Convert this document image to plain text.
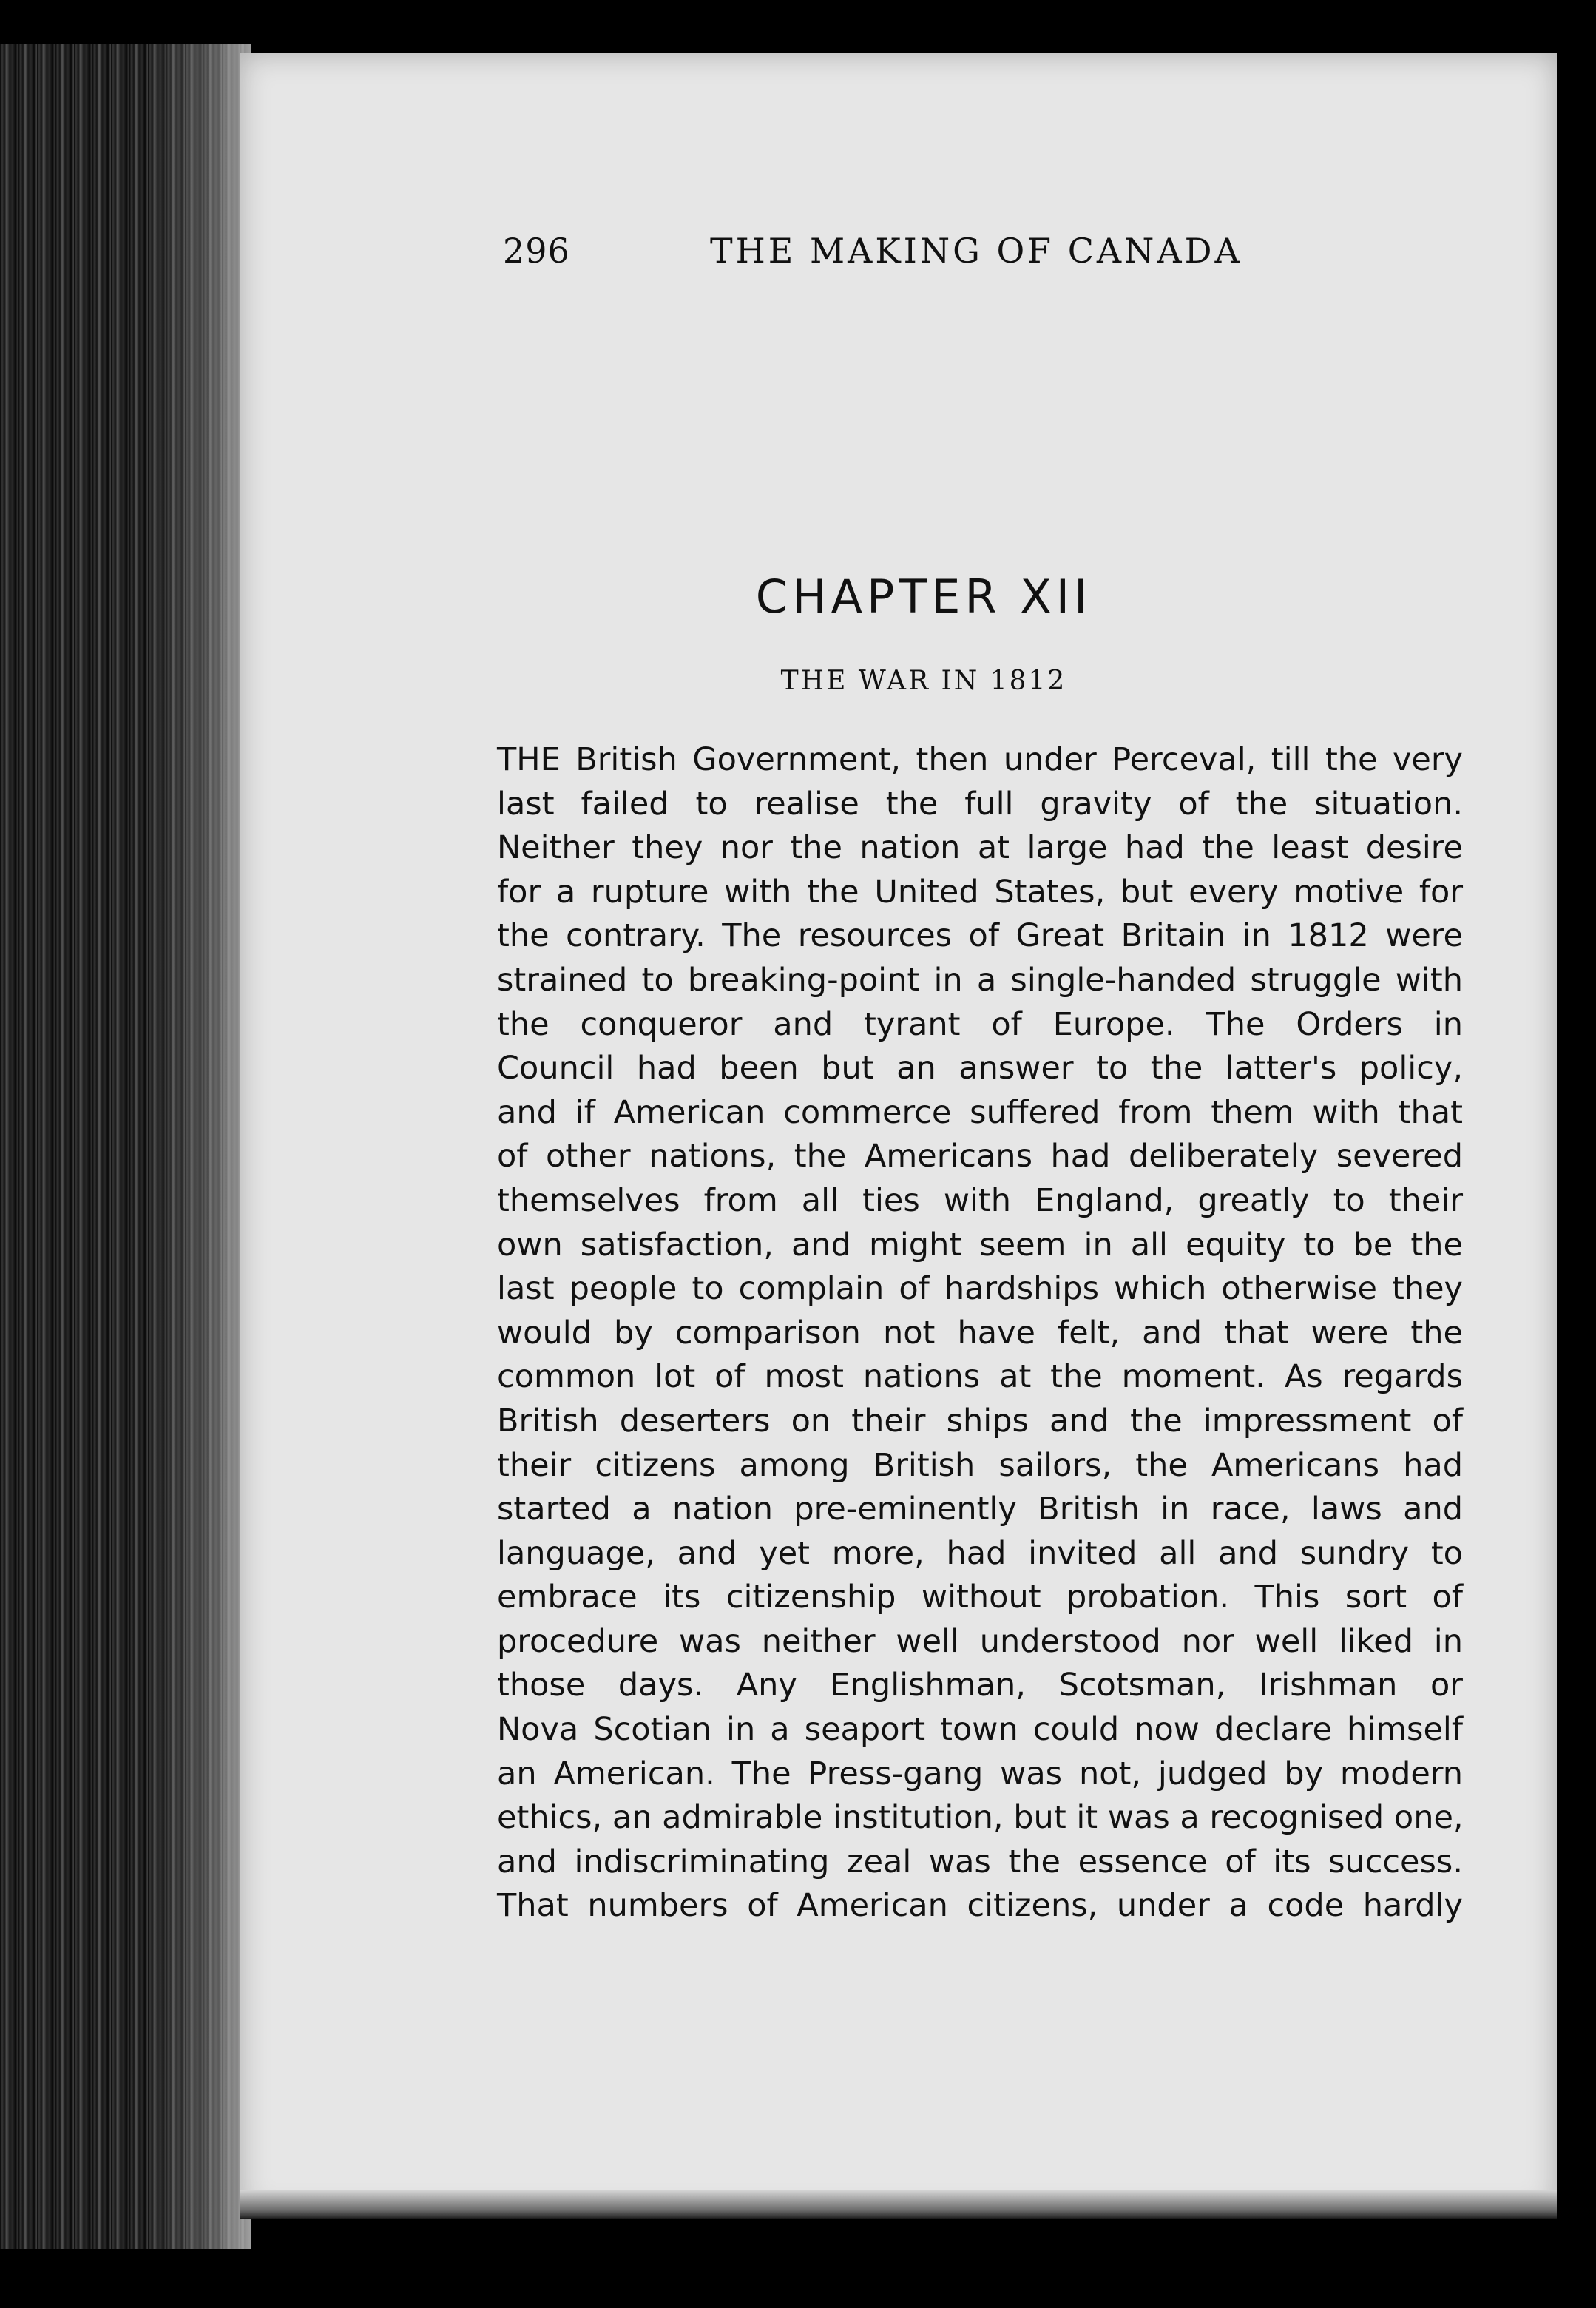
296	THE MAKING OF CANADA
CHAPTER XII
THE WAR IN 1812
THE British Government, then under Perceval, till the very
last failed to realise the full gravity of the situation.
Neither they nor the nation at large had the least desire
for a rupture with the United States, but every motive for
the contrary. The resources of Great Britain in 1812 were
strained to breaking-point in a single-handed struggle with
the conqueror and tyrant of Europe. The Orders in
Council had been but an answer to the latter's policy,
and if American commerce suffered from them with that
of other nations, the Americans had deliberately severed
themselves from all ties with England, greatly to their
own satisfaction, and might seem in all equity to be the
last people to complain of hardships which otherwise they
would by comparison not have felt, and that were the
common lot of most nations at the moment. As regards
British deserters on their ships and the impressment of
their citizens among British sailors, the Americans had
started a nation pre-eminently British in race, laws and
language, and yet more, had invited all and sundry to
embrace its citizenship without probation. This sort of
procedure was neither well understood nor well liked in
those days. Any Englishman, Scotsman, Irishman or
Nova Scotian in a seaport town could now declare himself
an American. The Press-gang was not, judged by modern
ethics, an admirable institution, but it was a recognised one,
and indiscriminating zeal was the essence of its success.
That numbers of American citizens, under a code hardly
